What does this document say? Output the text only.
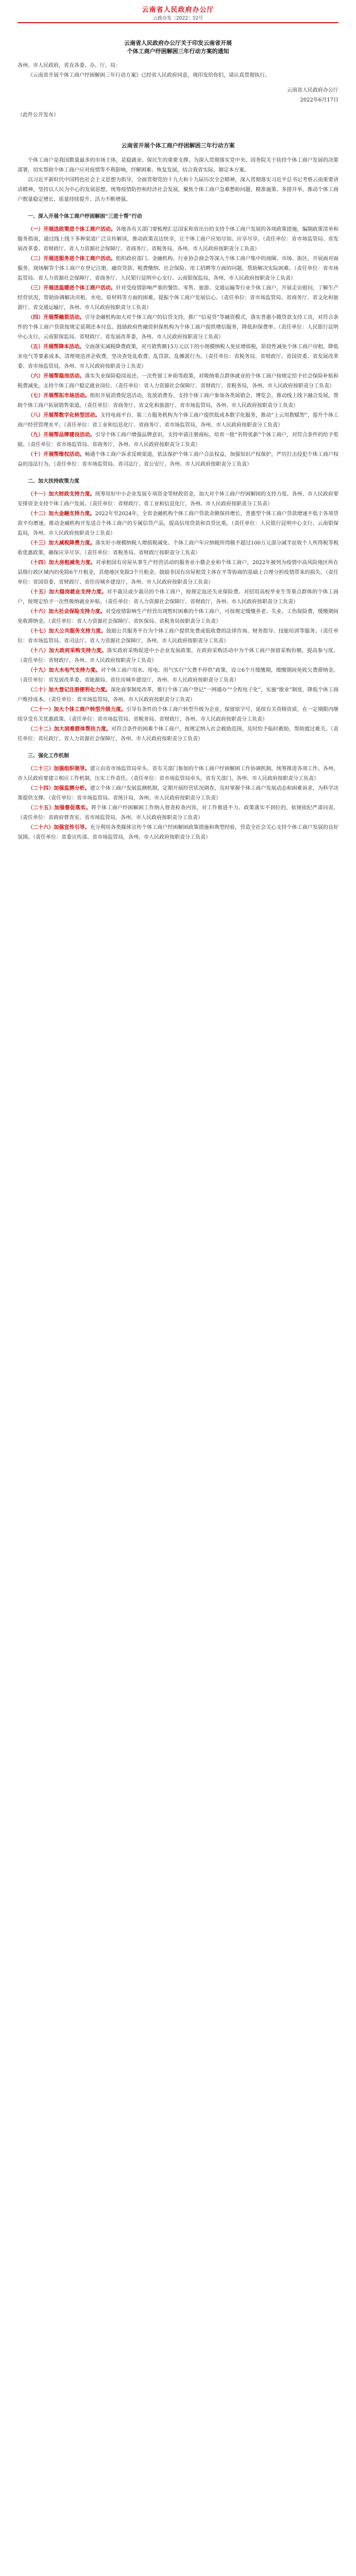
云南省人民政府办公厅
云政办发〔2022〕52号
云南省人民政府办公厅关于印发云南省开展
个体工商户纾困解困三年行动方案的通知

各州、市人民政府，省直各委、办、厅、局：

《云南省开展个体工商户纾困解困三年行动方案》已经省人民政府同意，现印发给你们，请认真贯彻执行。

云南省人民政府办公厅

2022年6月17日

（此件公开发布）

云南省开展个体工商户纾困解困三年行动方案

个体工商户是我国数量最多的市场主体，是稳就业、保民生的重要支撑。为深入贯彻落实党中央、国务院关于扶持个体工商户发展的决策部署，切实帮助个体工商户应对疫情等不利影响，纾解困难、恢复发展，结合我省实际，制定本方案。

以习近平新时代中国特色社会主义思想为指导，全面贯彻党的十九大和十九届历次全会精神，深入贯彻落实习近平总书记考察云南重要讲话精神，坚持以人民为中心的发展思想，统筹疫情防控和经济社会发展，聚焦个体工商户急难愁盼问题，精准施策、多措并举，推动个体工商户数量稳定增长、质量持续提升、活力不断增强。

一、深入开展个体工商户纾困解困“三进十帮”行动

（一）开展送政策进个体工商户活动。各地各有关部门要梳理汇总国家和省出台的支持个体工商户发展的各项政策措施，编制政策清单和服务指南，通过线上线下多种渠道广泛宣传解读，推动政策直达快享，让个体工商户应知尽知、应享尽享。（责任单位：省市场监管局、省发展改革委、省财政厅、省人力资源社会保障厅、省商务厅、省税务局，各州、市人民政府按职责分工负责）

（二）开展送服务进个体工商户活动。组织政府部门、金融机构、行业协会商会等深入个体工商户集中的商圈、市场、街区，开展面对面服务，现场解答个体工商户在登记注册、融资贷款、税费缴纳、社会保险、用工招聘等方面的问题，帮助解决实际困难。（责任单位：省市场监管局、省人力资源社会保障厅、省商务厅、人民银行昆明中心支行、云南银保监局，各州、市人民政府按职责分工负责）

（三）开展送温暖进个体工商户活动。针对受疫情影响严重的餐饮、零售、旅游、交通运输等行业个体工商户，开展走访慰问，了解生产经营状况，帮助协调解决房租、水电、原材料等方面的困难，提振个体工商户发展信心。（责任单位：省市场监管局、省商务厅、省文化和旅游厅、省交通运输厅，各州、市人民政府按职责分工负责）

（四）开展帮融资活动。引导金融机构加大对个体工商户的信贷支持，推广“信易贷”等融资模式，落实普惠小微贷款支持工具，对符合条件的个体工商户贷款按规定延期还本付息。鼓励政府性融资担保机构为个体工商户提供增信服务，降低担保费率。（责任单位：人民银行昆明中心支行、云南银保监局、省财政厅、省发展改革委，各州、市人民政府按职责分工负责）

（五）开展帮降本活动。全面落实减税降费政策，对月销售额15万元以下的小规模纳税人免征增值税，阶段性减免个体工商户房租，降低水电气等要素成本，清理规范涉企收费，坚决查处乱收费、乱罚款、乱摊派行为。（责任单位：省税务局、省财政厅、省国资委、省发展改革委、省市场监管局，各州、市人民政府按职责分工负责）

（六）开展帮稳岗活动。落实失业保险稳岗返还、一次性留工补助等政策，对吸纳重点群体就业的个体工商户按规定给予社会保险补贴和税费减免，支持个体工商户稳定就业岗位。（责任单位：省人力资源社会保障厅、省财政厅、省税务局，各州、市人民政府按职责分工负责）

（七）开展帮拓市场活动。组织开展消费促进活动，发放消费券，支持个体工商户参加各类展销会、博览会，推动线上线下融合发展，帮助个体工商户拓展销售渠道。（责任单位：省商务厅、省文化和旅游厅、省市场监管局，各州、市人民政府按职责分工负责）

（八）开展帮数字化转型活动。支持电商平台、第三方服务机构为个体工商户提供低成本数字化服务，推动“上云用数赋智”，提升个体工商户经营管理水平。（责任单位：省工业和信息化厅、省商务厅、省市场监管局，各州、市人民政府按职责分工负责）

（九）开展帮品牌建设活动。引导个体工商户增强品牌意识，支持申请注册商标，培育一批“名特优新”个体工商户，对符合条件的给予奖励。（责任单位：省市场监管局、省商务厅，各州、市人民政府按职责分工负责）

（十）开展帮维权活动。畅通个体工商户诉求反映渠道，依法保护个体工商户合法权益，加强知识产权保护，严厉打击侵犯个体工商户权益的违法行为。（责任单位：省市场监管局、省司法厅、省公安厅，各州、市人民政府按职责分工负责）

二、加大扶持政策力度

（十一）加大财政支持力度。统筹用好中小企业发展专项资金等财政资金，加大对个体工商户纾困解困的支持力度。各州、市人民政府要安排资金支持个体工商户发展。（责任单位：省财政厅、省工业和信息化厅，各州、市人民政府按职责分工负责）

（十二）加大金融支持力度。2022年至2024年，全省金融机构个体工商户贷款余额保持增长，普惠型个体工商户贷款增速不低于各项贷款平均增速。推动金融机构开发适合个体工商户的专属信贷产品，提高信用贷款和首贷比重。（责任单位：人民银行昆明中心支行、云南银保监局，各州、市人民政府按职责分工负责）

（十三）加大减税降费力度。落实好小规模纳税人增值税减免、个体工商户年应纳税所得额不超过100万元部分减半征收个人所得税等税收优惠政策，确保应享尽享。（责任单位：省税务局、省财政厅按职责分工负责）

（十四）加大房租减免力度。对承租国有房屋从事生产经营活动的服务业小微企业和个体工商户，2022年被列为疫情中高风险地区所在县级行政区域内的免除6个月租金，其他地区免除3个月租金。鼓励非国有房屋租赁主体在平等协商的基础上合理分担疫情带来的损失。（责任单位：省国资委、省财政厅、省住房城乡建设厅，各州、市人民政府按职责分工负责）

（十五）加大稳岗就业支持力度。对不裁员或少裁员的个体工商户，按规定返还失业保险费。对招用高校毕业生等重点群体的个体工商户，按规定给予一次性吸纳就业补贴。（责任单位：省人力资源社会保障厅、省财政厅，各州、市人民政府按职责分工负责）

（十六）加大社会保险支持力度。对受疫情影响生产经营出现暂时困难的个体工商户，可按规定缓缴养老、失业、工伤保险费，缓缴期间免收滞纳金。（责任单位：省人力资源社会保障厅、省医保局、省税务局按职责分工负责）

（十七）加大公共服务支持力度。鼓励公共服务平台为个体工商户提供免费或低收费的法律咨询、财务指导、技能培训等服务。（责任单位：省市场监管局、省司法厅、省人力资源社会保障厅，各州、市人民政府按职责分工负责）

（十八）加大政府采购支持力度。落实政府采购促进中小企业发展政策，在政府采购活动中为个体工商户预留采购份额，提高参与度。（责任单位：省财政厅，各州、市人民政府按职责分工负责）

（十九）加大水电气支持力度。对个体工商户用水、用电、用气实行“欠费不停供”政策，设立6个月缓缴期，缓缴期间免收欠费滞纳金。（责任单位：省发展改革委、省能源局、省住房城乡建设厅，各州、市人民政府按职责分工负责）

（二十）加大登记注册便利化力度。深化商事制度改革，推行个体工商户登记“一网通办”“全程电子化”，实施“歇业”制度，降低个体工商户维持成本。（责任单位：省市场监管局，各州、市人民政府按职责分工负责）

（二十一）加大个体工商户转型升级力度。引导有条件的个体工商户转型升级为企业，保留原字号，延续有关资格资质，在一定期限内继续享受有关优惠政策。（责任单位：省市场监管局、省税务局、省财政厅，各州、市人民政府按职责分工负责）

（二十二）加大困难群体帮扶力度。对符合条件的困难个体工商户，按规定纳入社会救助范围，及时给予临时救助，帮助渡过难关。（责任单位：省民政厅、省人力资源社会保障厅，各州、市人民政府按职责分工负责）

三、强化工作机制

（二十三）加强组织领导。建立由省市场监管局牵头、省有关部门参加的个体工商户纾困解困工作协调机制，统筹推进各项工作。各州、市人民政府要建立相应工作机制，压实工作责任。（责任单位：省市场监管局牵头，省有关部门，各州、市人民政府按职责分工负责）

（二十四）加强监测分析。建立个体工商户发展监测机制，定期开展经营状况调查，及时掌握个体工商户发展动态和困难诉求，为科学决策提供支撑。（责任单位：省市场监管局、省统计局，各州、市人民政府按职责分工负责）

（二十五）加强督促落实。将个体工商户纾困解困工作纳入督查检查内容，对工作推进不力、政策落实不到位的，依规依纪严肃问责。（责任单位：省政府督查室、省市场监管局，各州、市人民政府按职责分工负责）

（二十六）加强宣传引导。充分利用各类媒体宣传个体工商户纾困解困政策措施和典型经验，营造全社会关心支持个体工商户发展的良好氛围。（责任单位：省委宣传部、省市场监管局，各州、市人民政府按职责分工负责）
